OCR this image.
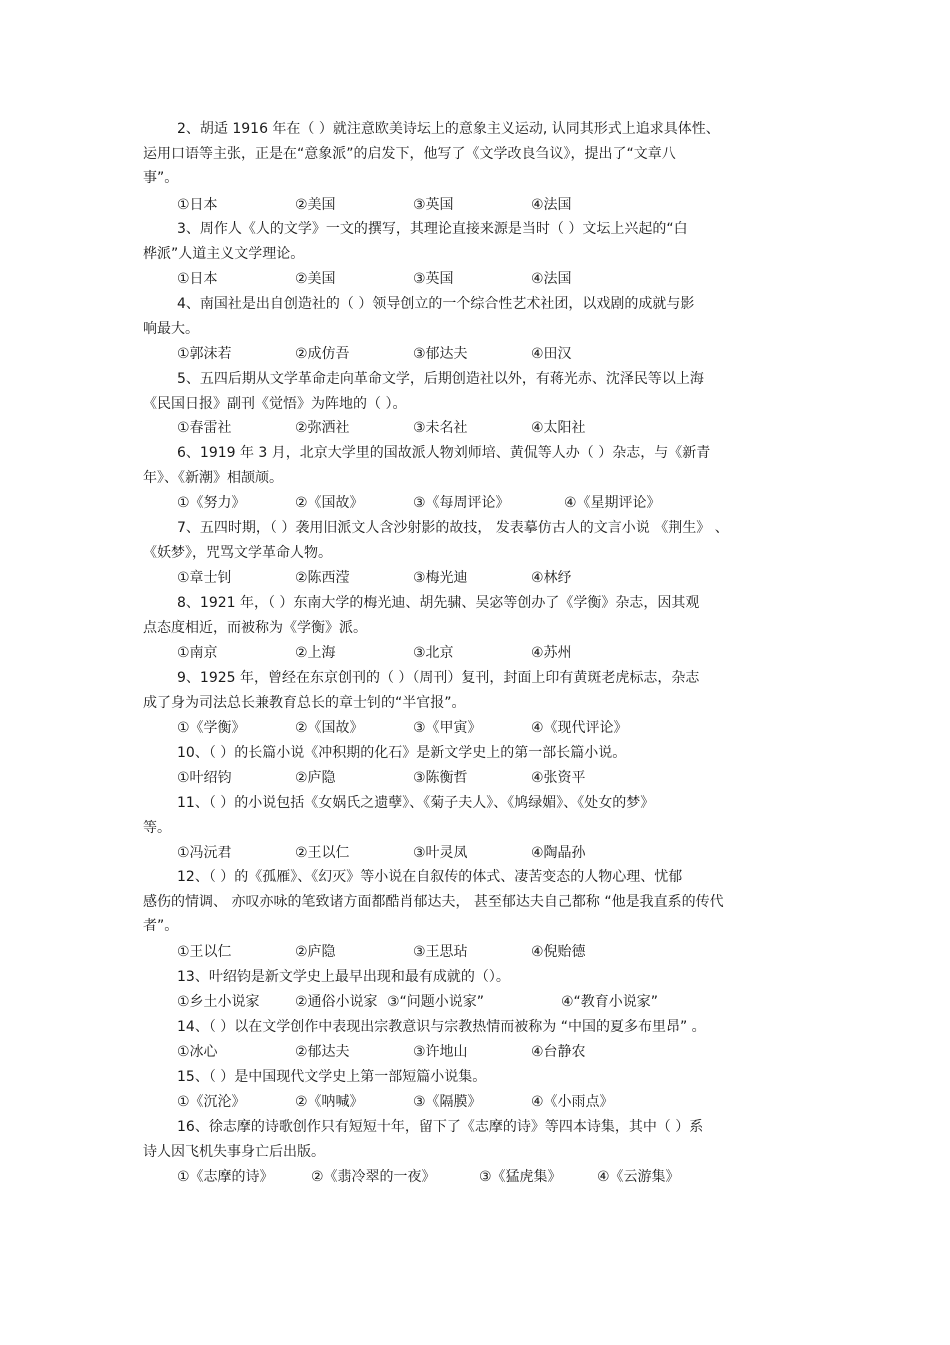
2、胡适 1916 年在（ ）就注意欧美诗坛上的意象主义运动, 认同其形式上追求具体性、
运用口语等主张，正是在“意象派”的启发下，他写了《文学改良刍议》，提出了“文章八
事”。
①日本	②美国	③英国	④法国
3、周作人《人的文学》一文的撰写，其理论直接来源是当时（ ）文坛上兴起的“白
桦派”人道主义文学理论。
①日本	②美国	③英国	④法国
4、南国社是出自创造社的（ ）领导创立的一个综合性艺术社团，以戏剧的成就与影
响最大。
①郭沫若	②成仿吾	③郁达夫	④田汉
5、五四后期从文学革命走向革命文学，后期创造社以外，有蒋光赤、沈泽民等以上海
《民国日报》副刊《觉悟》为阵地的（ ）。
①春雷社	②弥洒社	③未名社	④太阳社
6、1919 年 3 月，北京大学里的国故派人物刘师培、黄侃等人办（ ）杂志，与《新青
年》、《新潮》相颉颃。
①《努力》	②《国故》	③《每周评论》	④《星期评论》
7、五四时期，（ ）袭用旧派文人含沙射影的故技， 发表摹仿古人的文言小说 《荆生》 、
《妖梦》，咒骂文学革命人物。
①章士钊	②陈西滢	③梅光迪	④林纾
8、1921 年，（ ）东南大学的梅光迪、胡先骕、吴宓等创办了《学衡》杂志，因其观
点态度相近，而被称为《学衡》派。
①南京	②上海	③北京	④苏州
9、1925 年，曾经在东京创刊的（ ）（周刊）复刊，封面上印有黄斑老虎标志，杂志
成了身为司法总长兼教育总长的章士钊的“半官报”。
①《学衡》	②《国故》	③《甲寅》	④《现代评论》
10、（ ）的长篇小说《冲积期的化石》是新文学史上的第一部长篇小说。
①叶绍钧	②庐隐	③陈衡哲	④张资平
11、（ ）的小说包括《女娲氏之遗孽》、《菊子夫人》、《鸠绿媚》、《处女的梦》
等。
①冯沅君	②王以仁	③叶灵凤	④陶晶孙
12、（ ）的《孤雁》、《幻灭》等小说在自叙传的体式、凄苦变态的人物心理、忧郁
感伤的情调、 亦叹亦咏的笔致诸方面都酷肖郁达夫， 甚至郁达夫自己都称 “他是我直系的传代
者”。
①王以仁	②庐隐	③王思玷	④倪贻德
13、叶绍钧是新文学史上最早出现和最有成就的（）。
①乡土小说家	②通俗小说家 ③“问题小说家”	④“教育小说家”
14、（ ）以在文学创作中表现出宗教意识与宗教热情而被称为 “中国的夏多布里昂” 。
①冰心	②郁达夫	③许地山	④台静农
15、（ ）是中国现代文学史上第一部短篇小说集。
①《沉沦》	②《呐喊》	③《隔膜》	④《小雨点》
16、徐志摩的诗歌创作只有短短十年，留下了《志摩的诗》等四本诗集，其中（ ）系
诗人因飞机失事身亡后出版。
①《志摩的诗》	②《翡冷翠的一夜》	③《猛虎集》	④《云游集》
